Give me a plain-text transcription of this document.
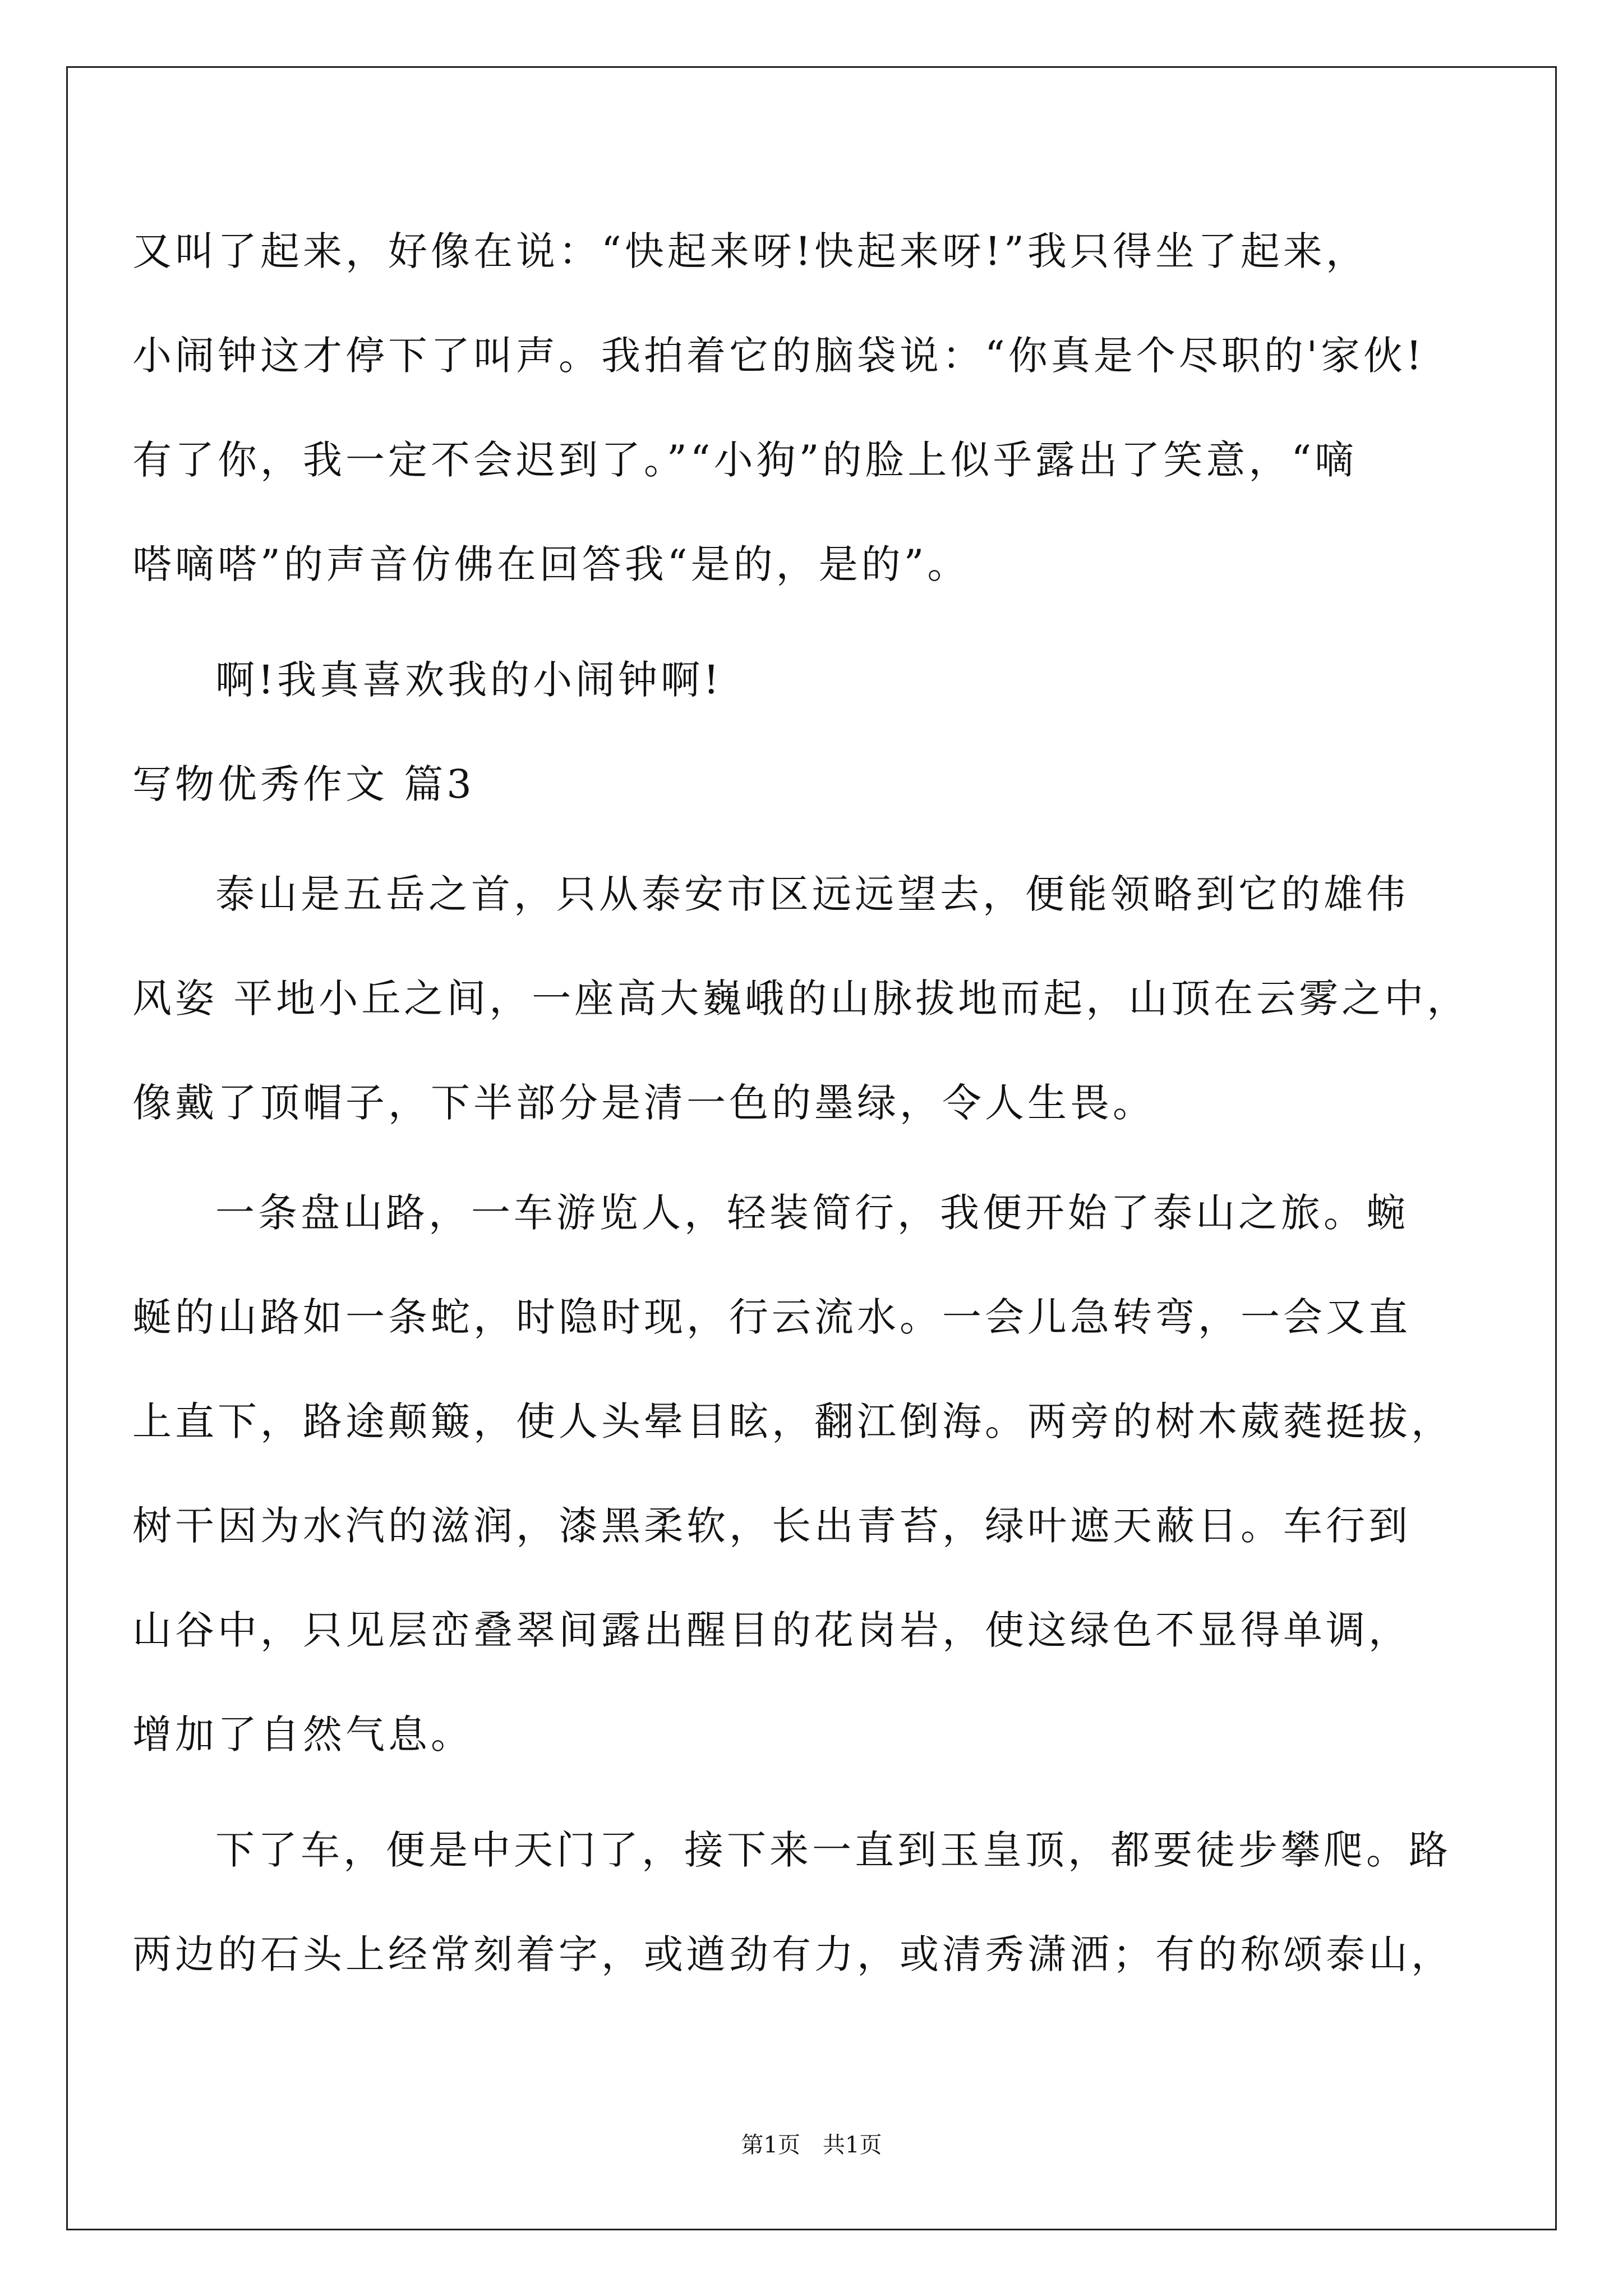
又叫了起来，好像在说：“快起来呀!快起来呀!”我只得坐了起来，
小闹钟这才停下了叫声。我拍着它的脑袋说：“你真是个尽职的'家伙!
有了你，我一定不会迟到了。”“小狗”的脸上似乎露出了笑意，“嘀
嗒嘀嗒”的声音仿佛在回答我“是的，是的”。
啊!我真喜欢我的小闹钟啊!
写物优秀作文 篇3
泰山是五岳之首，只从泰安市区远远望去，便能领略到它的雄伟
风姿 平地小丘之间，一座高大巍峨的山脉拔地而起，山顶在云雾之中，
像戴了顶帽子，下半部分是清一色的墨绿，令人生畏。
一条盘山路，一车游览人，轻装简行，我便开始了泰山之旅。蜿
蜒的山路如一条蛇，时隐时现，行云流水。一会儿急转弯，一会又直
上直下，路途颠簸，使人头晕目眩，翻江倒海。两旁的树木葳蕤挺拔，
树干因为水汽的滋润，漆黑柔软，长出青苔，绿叶遮天蔽日。车行到
山谷中，只见层峦叠翠间露出醒目的花岗岩，使这绿色不显得单调，
增加了自然气息。
下了车，便是中天门了，接下来一直到玉皇顶，都要徒步攀爬。路
两边的石头上经常刻着字，或遒劲有力，或清秀潇洒；有的称颂泰山，
第1页　共1页
